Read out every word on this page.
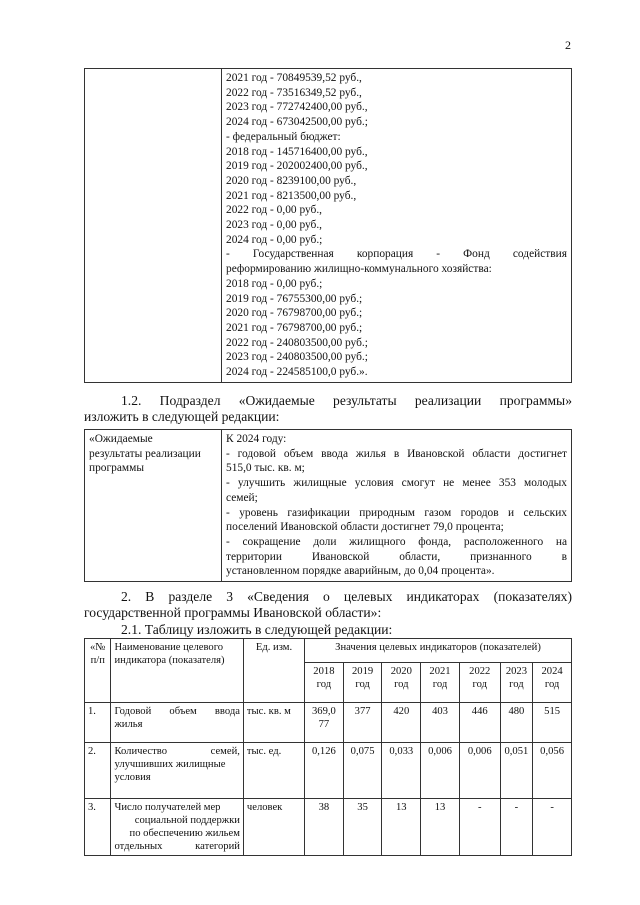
2

2021 год - 70849539,52 руб.,
2022 год - 73516349,52 руб.,
2023 год - 772742400,00 руб.,
2024 год - 673042500,00 руб.;
- федеральный бюджет:
2018 год - 145716400,00 руб.,
2019 год - 202002400,00 руб.,
2020 год - 8239100,00 руб.,
2021 год - 8213500,00 руб.,
2022 год - 0,00 руб.,
2023 год - 0,00 руб.,
2024 год - 0,00 руб.;
- Государственная корпорация - Фонд содействия
реформированию жилищно-коммунального хозяйства:
2018 год - 0,00 руб.;
2019 год - 76755300,00 руб.;
2020 год - 76798700,00 руб.;
2021 год - 76798700,00 руб.;
2022 год - 240803500,00 руб.;
2023 год - 240803500,00 руб.;
2024 год - 224585100,0 руб.».
1.2. Подраздел «Ожидаемые результаты реализации программы»
изложить в следующей редакции:
«Ожидаемые
результаты реализации
программы

К 2024 году:
- годовой объем ввода жилья в Ивановской области достигнет
515,0 тыс. кв. м;
- улучшить жилищные условия смогут не менее 353 молодых
семей;
- уровень газификации природным газом городов и сельских
поселений Ивановской области достигнет 79,0 процента;
- сокращение доли жилищного фонда, расположенного на
территории Ивановской области, признанного в
установленном порядке аварийным, до 0,04 процента».
2. В разделе 3 «Сведения о целевых индикаторах (показателях)
государственной программы Ивановской области»:
2.1. Таблицу изложить в следующей редакции:
«№
п/п	Наименование целевого индикатора (показателя)	Ед. изм.	Значения целевых индикаторов (показателей)						
			2018 год	2019 год	2020 год	2021 год	2022 год	2023 год	2024 год
1.	Годовой объем ввода
жилья	тыс. кв. м	369,0 77	377	420	403	446	480	515
2.	Количество семей,
улучшивших жилищные
условия	тыс. ед.	0,126	0,075	0,033	0,006	0,006	0,051	0,056
3.	Число получателей мер
социальной поддержки
по обеспечению жильем
отдельных категорий	человек	38	35	13	13	-	-	-
